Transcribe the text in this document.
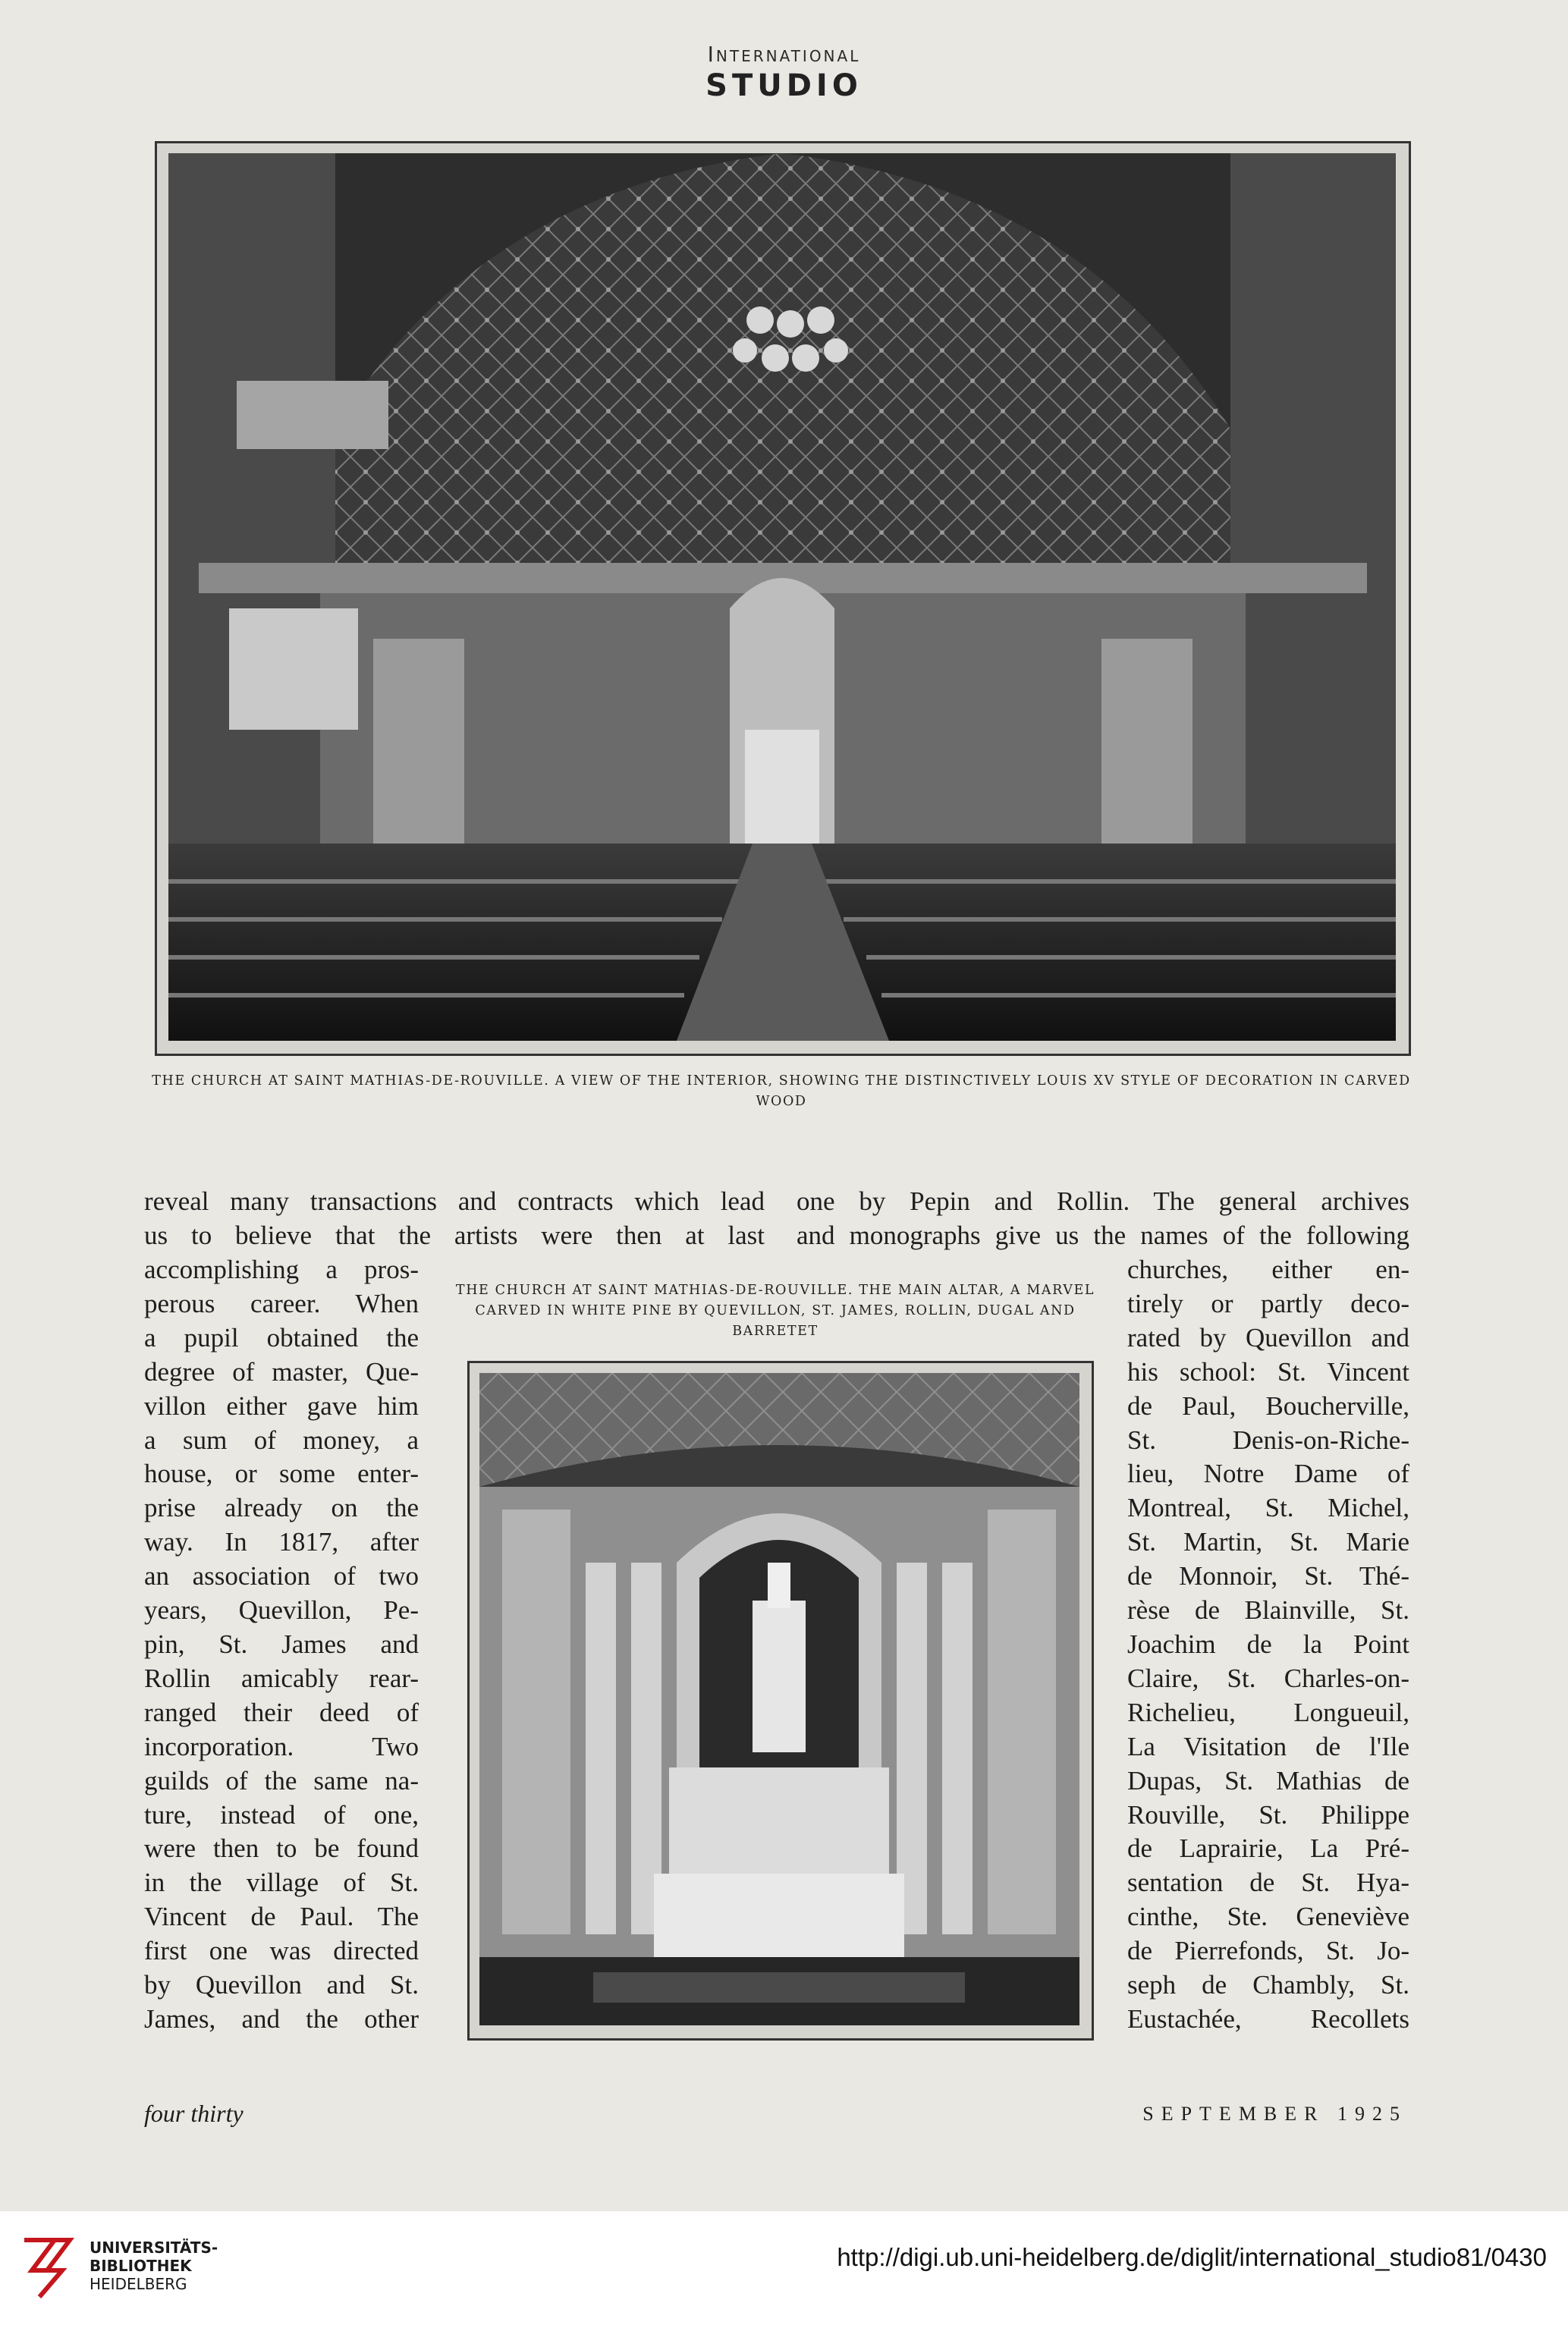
International
STUDIO
THE CHURCH AT SAINT MATHIAS-DE-ROUVILLE. A VIEW OF THE INTERIOR, SHOWING THE DISTINCTIVELY LOUIS XV STYLE OF DECORATION IN CARVED WOOD
reveal many transactions and contracts which lead
us to believe that the artists were then at last
one by Pepin and Rollin. The general archives
and monographs give us the names of the following
accomplishing a pros-
perous career. When
a pupil obtained the
degree of master, Que-
villon either gave him
a sum of money, a
house, or some enter-
prise already on the
way. In 1817, after
an association of two
years, Quevillon, Pe-
pin, St. James and
Rollin amicably rear-
ranged their deed of
incorporation. Two
guilds of the same na-
ture, instead of one,
were then to be found
in the village of St.
Vincent de Paul. The
first one was directed
by Quevillon and St.
James, and the other
churches, either en-
tirely or partly deco-
rated by Quevillon and
his school: St. Vincent
de Paul, Boucherville,
St. Denis-on-Riche-
lieu, Notre Dame of
Montreal, St. Michel,
St. Martin, St. Marie
de Monnoir, St. Thé-
rèse de Blainville, St.
Joachim de la Point
Claire, St. Charles-on-
Richelieu, Longueuil,
La Visitation de l'Ile
Dupas, St. Mathias de
Rouville, St. Philippe
de Laprairie, La Pré-
sentation de St. Hya-
cinthe, Ste. Geneviève
de Pierrefonds, St. Jo-
seph de Chambly, St.
Eustachée, Recollets
THE CHURCH AT SAINT MATHIAS-DE-ROUVILLE. THE MAIN ALTAR, A MARVEL CARVED IN WHITE PINE BY QUEVILLON, ST. JAMES, ROLLIN, DUGAL AND BARRETET
four thirty	SEPTEMBER 1925
UNIVERSITÄTS-
BIBLIOTHEK
HEIDELBERG
http://digi.ub.uni-heidelberg.de/diglit/international_studio81/0430
